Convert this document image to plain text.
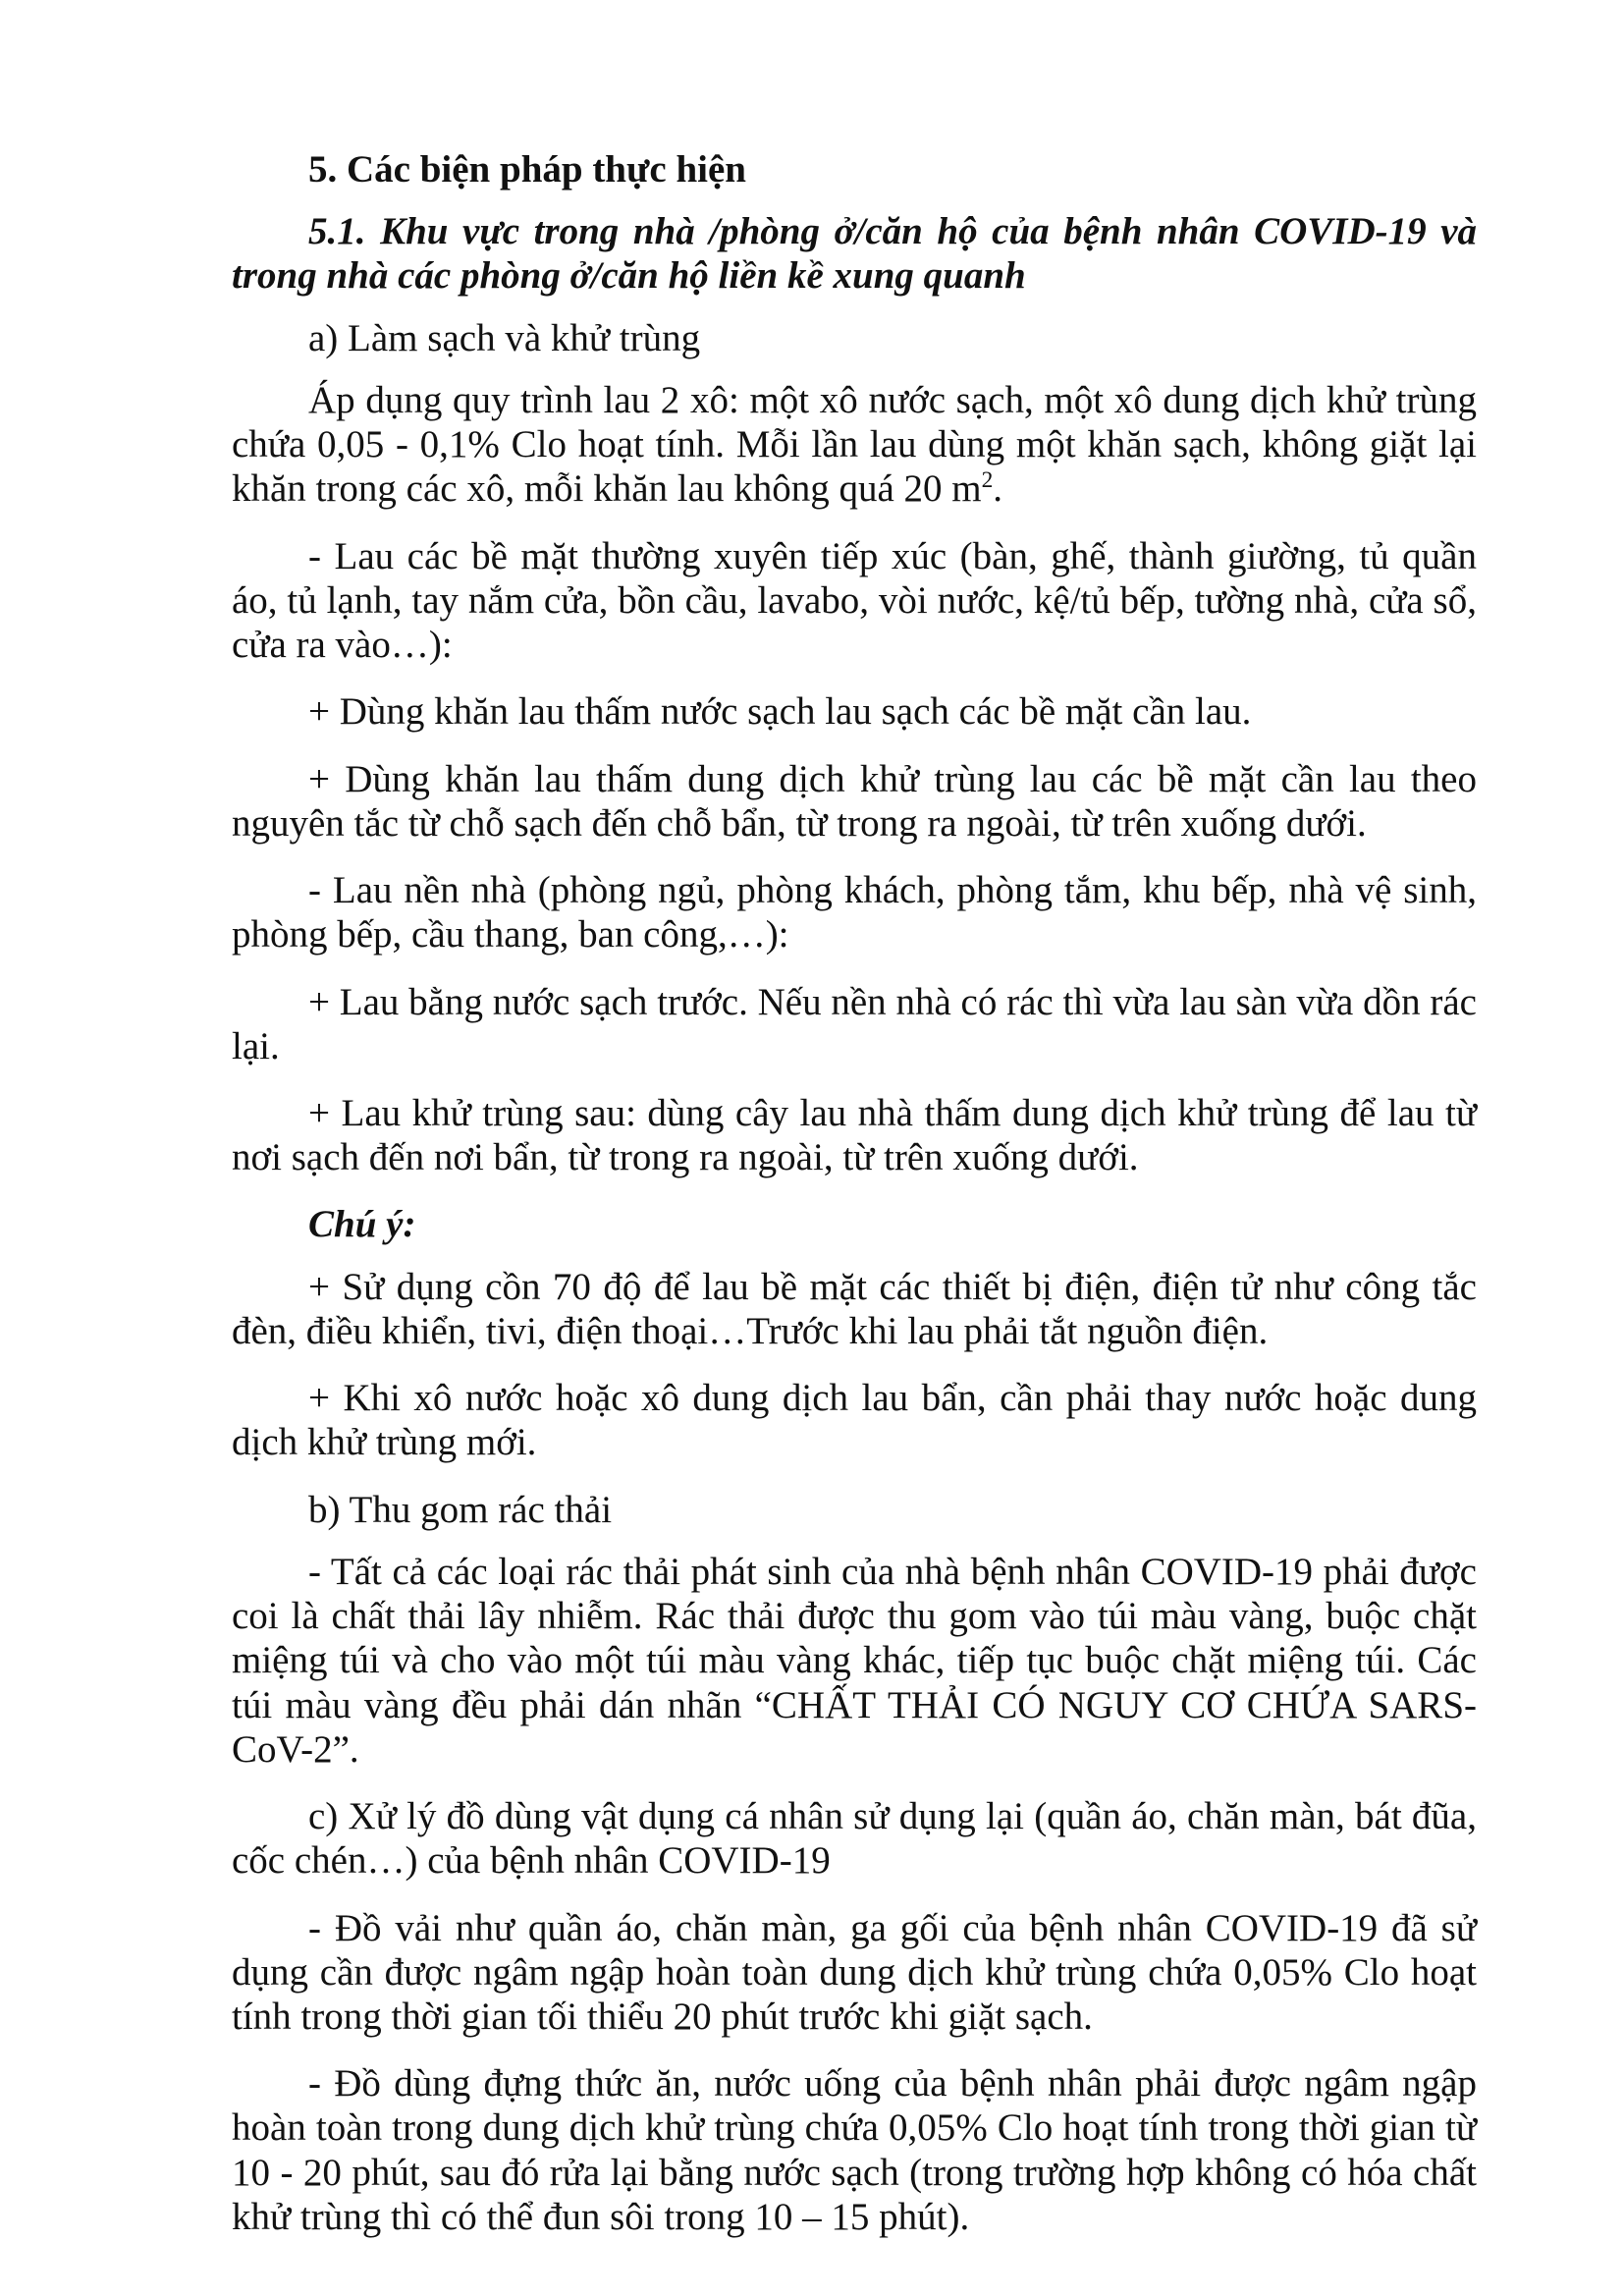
5. Các biện pháp thực hiện

5.1. Khu vực trong nhà /phòng ở/căn hộ của bệnh nhân COVID-19 và trong nhà các phòng ở/căn hộ liền kề xung quanh

a) Làm sạch và khử trùng

Áp dụng quy trình lau 2 xô: một xô nước sạch, một xô dung dịch khử trùng chứa 0,05 - 0,1% Clo hoạt tính. Mỗi lần lau dùng một khăn sạch, không giặt lại khăn trong các xô, mỗi khăn lau không quá 20 $m^2$.

- Lau các bề mặt thường xuyên tiếp xúc (bàn, ghế, thành giường, tủ quần áo, tủ lạnh, tay nắm cửa, bồn cầu, lavabo, vòi nước, kệ/tủ bếp, tường nhà, cửa sổ, cửa ra vào…):

+ Dùng khăn lau thấm nước sạch lau sạch các bề mặt cần lau.

+ Dùng khăn lau thấm dung dịch khử trùng lau các bề mặt cần lau theo nguyên tắc từ chỗ sạch đến chỗ bẩn, từ trong ra ngoài, từ trên xuống dưới.

- Lau nền nhà (phòng ngủ, phòng khách, phòng tắm, khu bếp, nhà vệ sinh, phòng bếp, cầu thang, ban công,…):

+ Lau bằng nước sạch trước. Nếu nền nhà có rác thì vừa lau sàn vừa dồn rác lại.

+ Lau khử trùng sau: dùng cây lau nhà thấm dung dịch khử trùng để lau từ nơi sạch đến nơi bẩn, từ trong ra ngoài, từ trên xuống dưới.

Chú ý:

+ Sử dụng cồn 70 độ để lau bề mặt các thiết bị điện, điện tử như công tắc đèn, điều khiển, tivi, điện thoại…Trước khi lau phải tắt nguồn điện.

+ Khi xô nước hoặc xô dung dịch lau bẩn, cần phải thay nước hoặc dung dịch khử trùng mới.

b) Thu gom rác thải

- Tất cả các loại rác thải phát sinh của nhà bệnh nhân COVID-19 phải được coi là chất thải lây nhiễm. Rác thải được thu gom vào túi màu vàng, buộc chặt miệng túi và cho vào một túi màu vàng khác, tiếp tục buộc chặt miệng túi. Các túi màu vàng đều phải dán nhãn “CHẤT THẢI CÓ NGUY CƠ CHỨA SARS-CoV-2”.

c) Xử lý đồ dùng vật dụng cá nhân sử dụng lại (quần áo, chăn màn, bát đũa, cốc chén…) của bệnh nhân COVID-19

- Đồ vải như quần áo, chăn màn, ga gối của bệnh nhân COVID-19 đã sử dụng cần được ngâm ngập hoàn toàn dung dịch khử trùng chứa 0,05% Clo hoạt tính trong thời gian tối thiểu 20 phút trước khi giặt sạch.

- Đồ dùng đựng thức ăn, nước uống của bệnh nhân phải được ngâm ngập hoàn toàn trong dung dịch khử trùng chứa 0,05% Clo hoạt tính trong thời gian từ 10 - 20 phút, sau đó rửa lại bằng nước sạch (trong trường hợp không có hóa chất khử trùng thì có thể đun sôi trong 10 – 15 phút).
